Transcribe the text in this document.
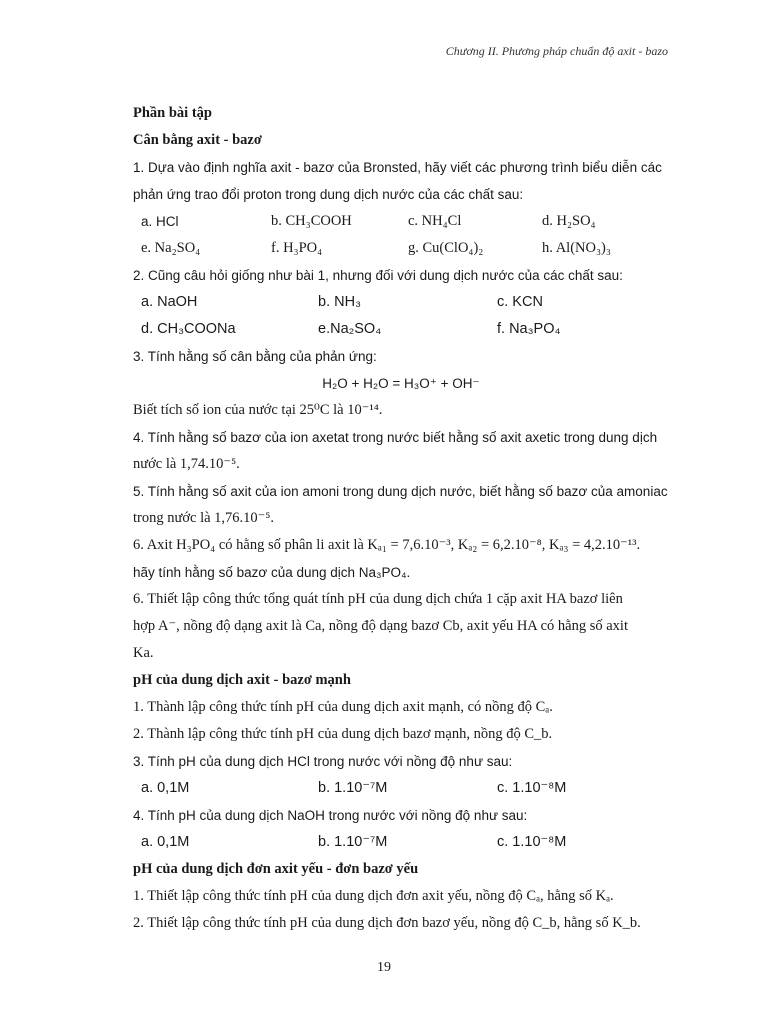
Chương II. Phương pháp chuẩn độ axit - bazo
Phần bài tập
Cân bằng axit - bazơ
1. Dựa vào định nghĩa axit - bazơ của Bronsted, hãy viết các phương trình biểu diễn các
phản ứng trao đổi proton trong dung dịch nước của các chất sau:
a. HCl	b. CH₃COOH	c. NH₄Cl	d. H₂SO₄
e. Na₂SO₄	f. H₃PO₄	g. Cu(ClO₄)₂	h. Al(NO₃)₃
2. Cũng câu hỏi giống như bài 1, nhưng đối với dung dịch nước của các chất sau:
a. NaOH	b. NH₃	c. KCN
d. CH₃COONa	e.Na₂SO₄	f. Na₃PO₄
3. Tính hằng số cân bằng của phản ứng:
H₂O + H₂O = H₃O⁺ + OH⁻
Biết tích số ion của nước tại 25⁰C là 10⁻¹⁴.
4. Tính hằng số bazơ của ion axetat trong nước biết hằng số axit axetic trong dung dịch
nước là 1,74.10⁻⁵.
5. Tính hằng số axit của ion amoni trong dung dịch nước, biết hằng số bazơ của amoniac
trong nước là 1,76.10⁻⁵.
6. Axit H₃PO₄ có hằng số phân li axit là Kₐ₁ = 7,6.10⁻³, Kₐ₂ = 6,2.10⁻⁸, Kₐ₃ = 4,2.10⁻¹³.
hãy tính hằng số bazơ của dung dịch Na₃PO₄.
6. Thiết lập công thức tổng quát tính pH của dung dịch chứa 1 cặp axit HA bazơ liên
hợp A⁻, nồng độ dạng axit là Ca, nồng độ dạng bazơ Cb, axit yếu HA có hằng số axit
Ka.
pH của dung dịch axit - bazơ mạnh
1. Thành lập công thức tính pH của dung dịch axit mạnh, có nồng độ Cₐ.
2. Thành lập công thức tính pH của dung dịch bazơ mạnh, nồng độ C_b.
3. Tính pH của dung dịch HCl trong nước với nồng độ như sau:
a. 0,1M	b. 1.10⁻⁷M	c. 1.10⁻⁸M
4. Tính pH của dung dịch NaOH trong nước với nồng độ như sau:
a. 0,1M	b. 1.10⁻⁷M	c. 1.10⁻⁸M
pH của dung dịch đơn axit yếu - đơn bazơ yếu
1. Thiết lập công thức tính pH của dung dịch đơn axit yếu, nồng độ Cₐ, hằng số Kₐ.
2. Thiết lập công thức tính pH của dung dịch đơn bazơ yếu, nồng độ C_b, hằng số K_b.
19
